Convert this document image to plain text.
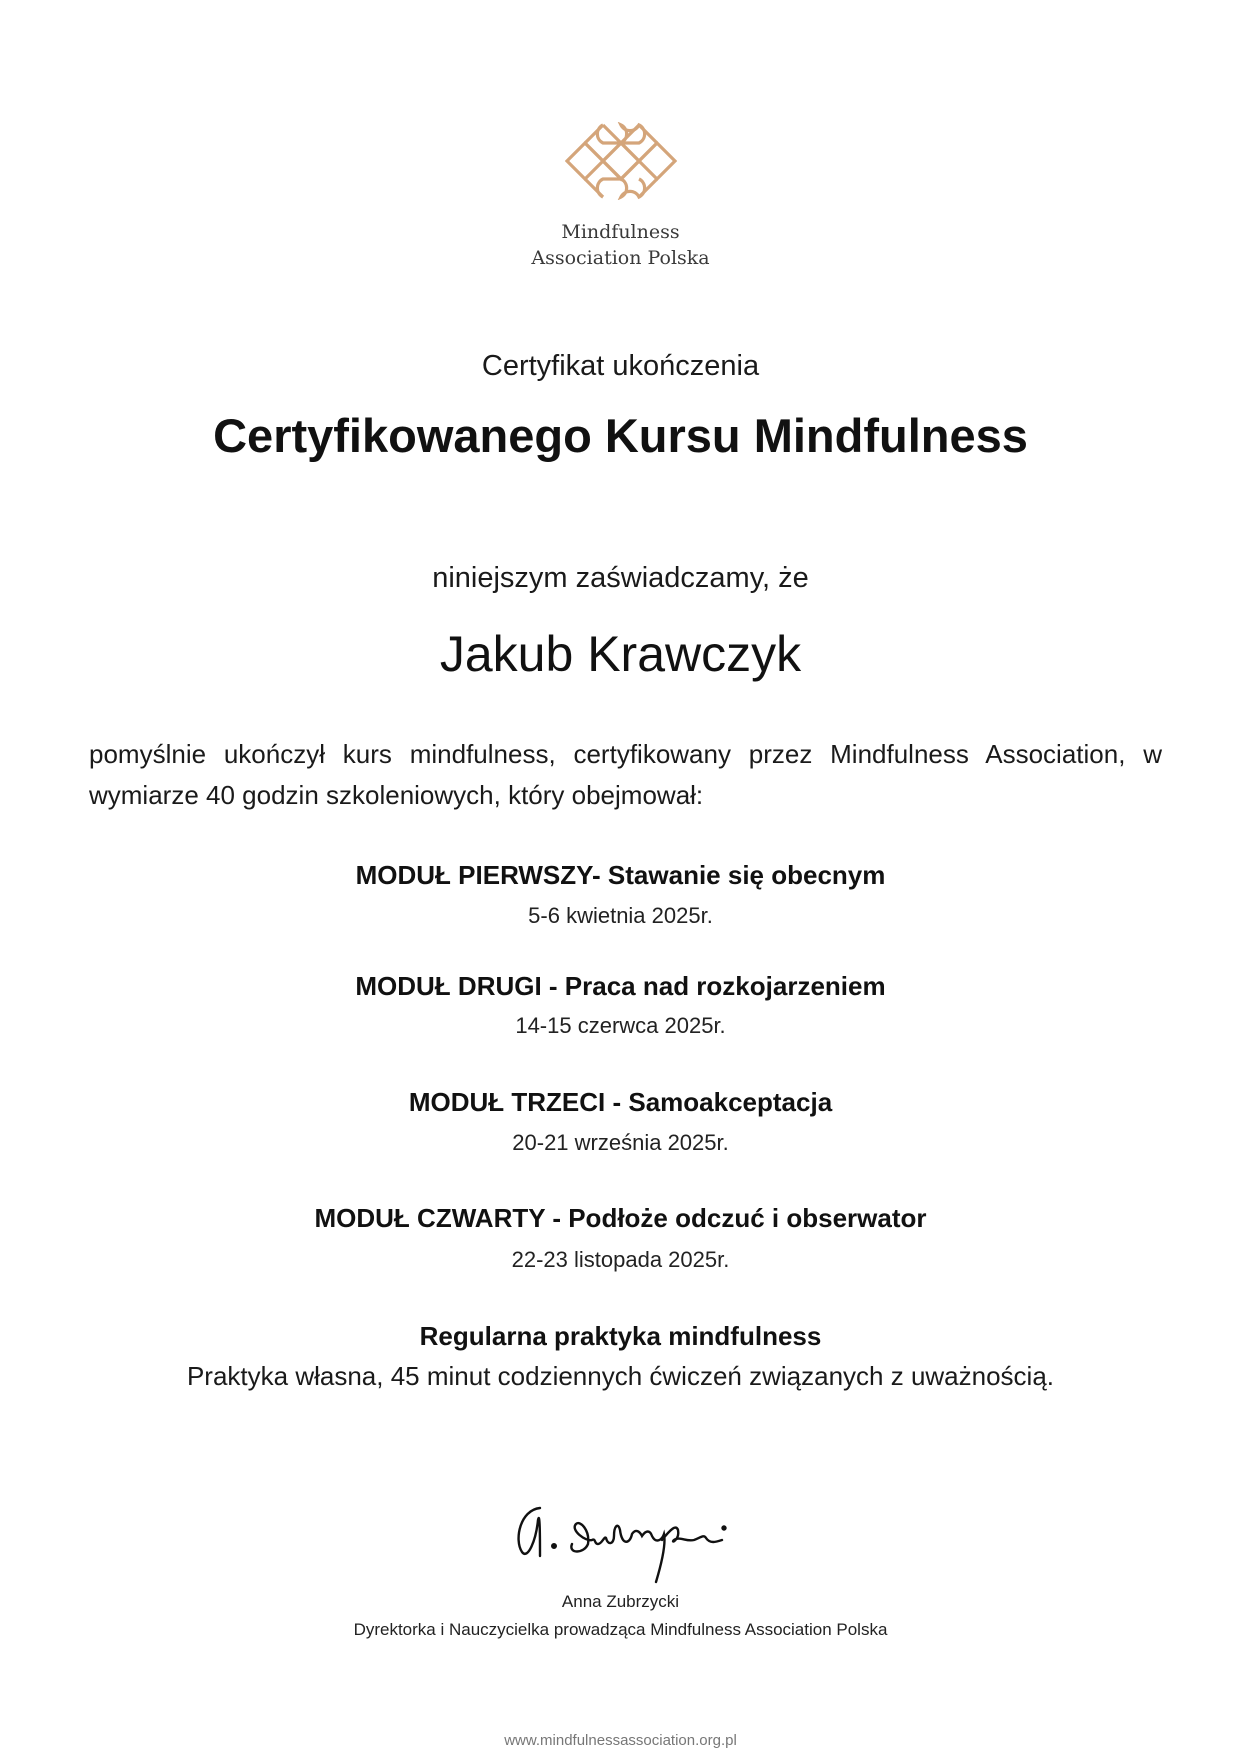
Mindfulness
Association Polska
Certyfikat ukończenia
Certyfikowanego Kursu Mindfulness
niniejszym zaświadczamy, że
Jakub Krawczyk
pomyślnie ukończył kurs mindfulness, certyfikowany przez Mindfulness Association, w wymiarze 40 godzin szkoleniowych, który obejmował:
MODUŁ PIERWSZY- Stawanie się obecnym
5-6 kwietnia 2025r.
MODUŁ DRUGI - Praca nad rozkojarzeniem
14-15 czerwca 2025r.
MODUŁ TRZECI - Samoakceptacja
20-21 września 2025r.
MODUŁ CZWARTY - Podłoże odczuć i obserwator
22-23 listopada 2025r.
Regularna praktyka mindfulness
Praktyka własna, 45 minut codziennych ćwiczeń związanych z uważnością.
Anna Zubrzycki
Dyrektorka i Nauczycielka prowadząca Mindfulness Association Polska
www.mindfulnessassociation.org.pl
